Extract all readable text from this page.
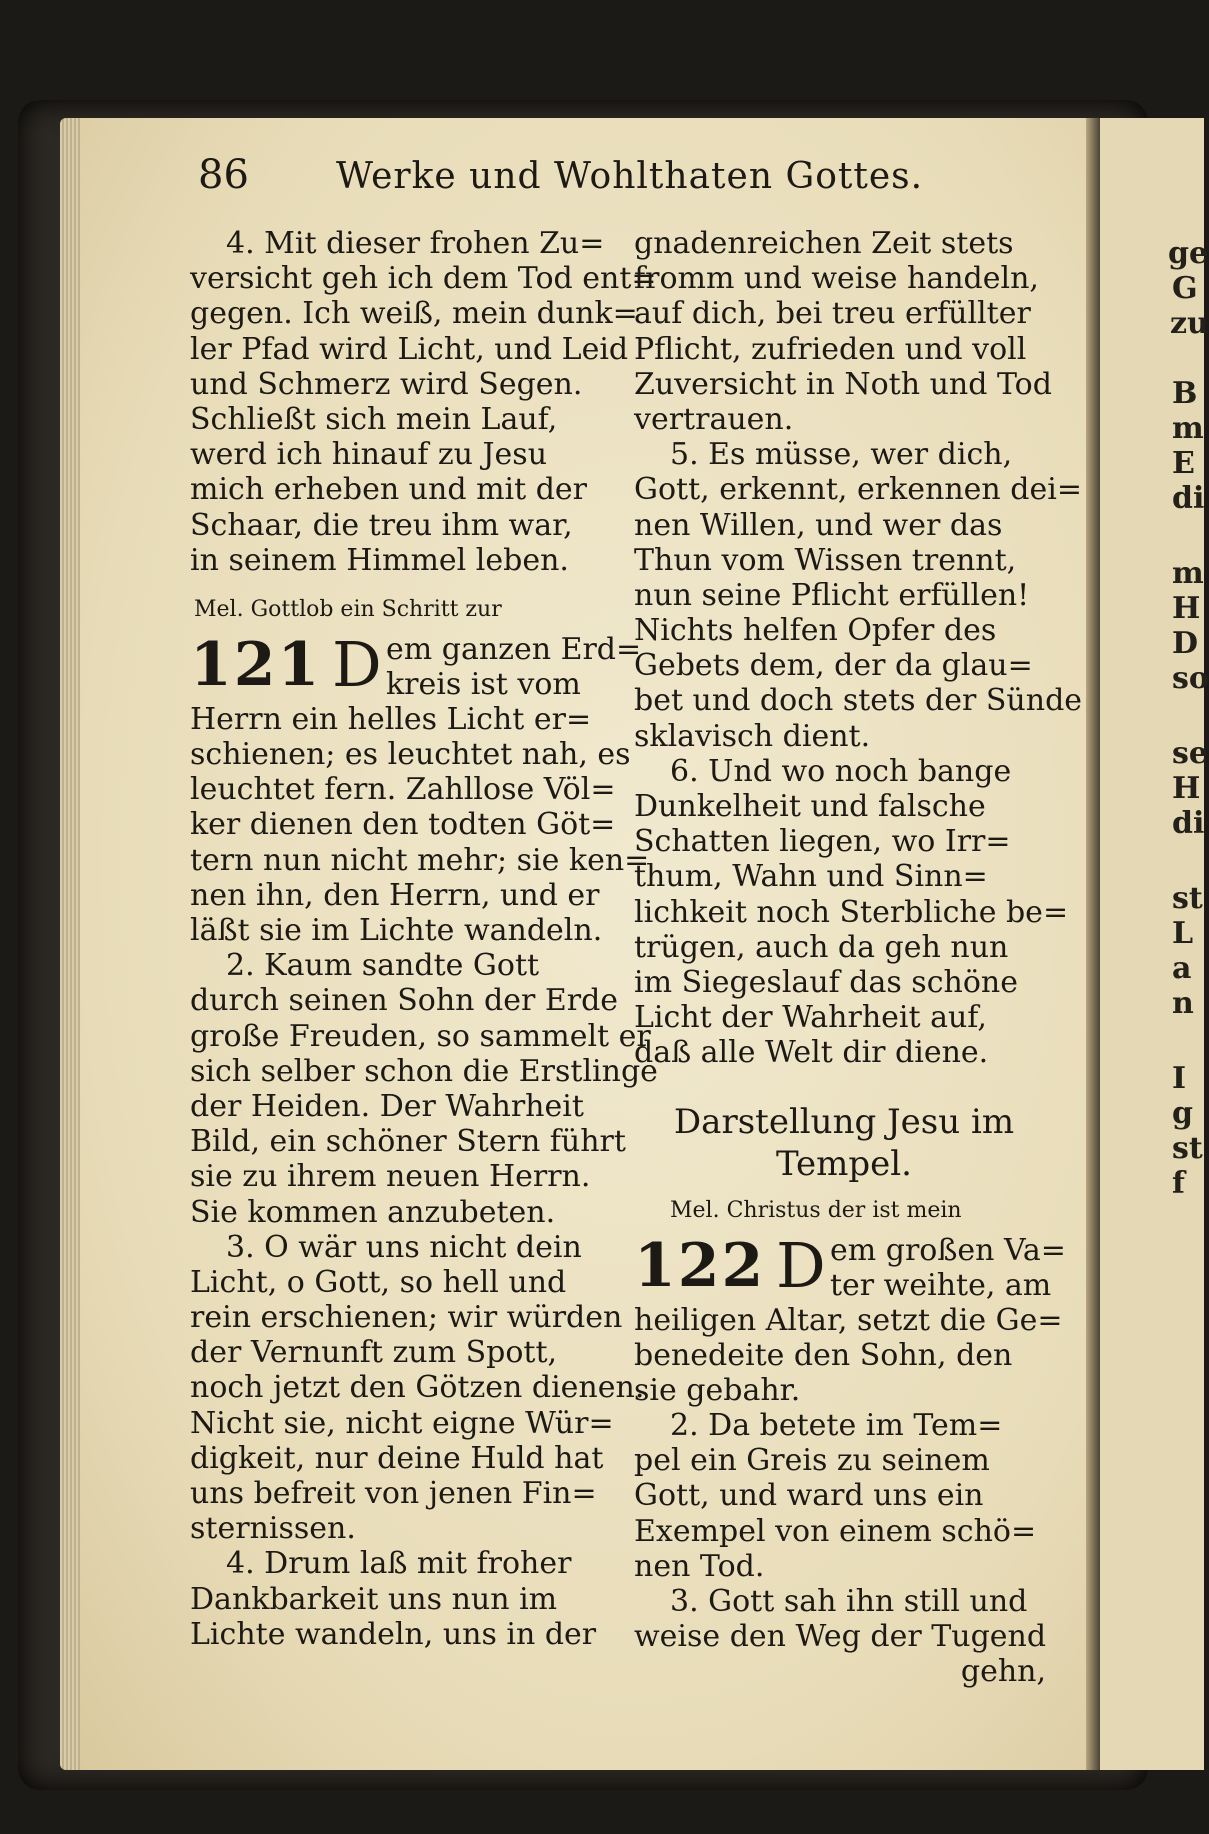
86 Werke und Wohlthaten Gottes.
4. Mit dieser frohen Zu=
versicht geh ich dem Tod ent=
gegen. Ich weiß, mein dunk=
ler Pfad wird Licht, und Leid
und Schmerz wird Segen.
Schließt sich mein Lauf,
werd ich hinauf zu Jesu
mich erheben und mit der
Schaar, die treu ihm war,
in seinem Himmel leben.
Mel. Gottlob ein Schritt zur
121 D em ganzen Erd=
kreis ist vom
Herrn ein helles Licht er=
schienen; es leuchtet nah, es
leuchtet fern. Zahllose Völ=
ker dienen den todten Göt=
tern nun nicht mehr; sie ken=
nen ihn, den Herrn, und er
läßt sie im Lichte wandeln.
2. Kaum sandte Gott
durch seinen Sohn der Erde
große Freuden, so sammelt er
sich selber schon die Erstlinge
der Heiden. Der Wahrheit
Bild, ein schöner Stern führt
sie zu ihrem neuen Herrn.
Sie kommen anzubeten.
3. O wär uns nicht dein
Licht, o Gott, so hell und
rein erschienen; wir würden
der Vernunft zum Spott,
noch jetzt den Götzen dienen.
Nicht sie, nicht eigne Wür=
digkeit, nur deine Huld hat
uns befreit von jenen Fin=
sternissen.
4. Drum laß mit froher
Dankbarkeit uns nun im
Lichte wandeln, uns in der
gnadenreichen Zeit stets
fromm und weise handeln,
auf dich, bei treu erfüllter
Pflicht, zufrieden und voll
Zuversicht in Noth und Tod
vertrauen.
5. Es müsse, wer dich,
Gott, erkennt, erkennen dei=
nen Willen, und wer das
Thun vom Wissen trennt,
nun seine Pflicht erfüllen!
Nichts helfen Opfer des
Gebets dem, der da glau=
bet und doch stets der Sünde
sklavisch dient.
6. Und wo noch bange
Dunkelheit und falsche
Schatten liegen, wo Irr=
thum, Wahn und Sinn=
lichkeit noch Sterbliche be=
trügen, auch da geh nun
im Siegeslauf das schöne
Licht der Wahrheit auf,
daß alle Welt dir diene.
Darstellung Jesu im
Tempel.
Mel. Christus der ist mein
122 D em großen Va=
ter weihte, am
heiligen Altar, setzt die Ge=
benedeite den Sohn, den
sie gebahr.
2. Da betete im Tem=
pel ein Greis zu seinem
Gott, und ward uns ein
Exempel von einem schö=
nen Tod.
3. Gott sah ihn still und
weise den Weg der Tugend
gehn,
ge
G
zu
B
m
E
di
m
H
D
so
se
H
di
st
L
a
n
I
g
st
f
